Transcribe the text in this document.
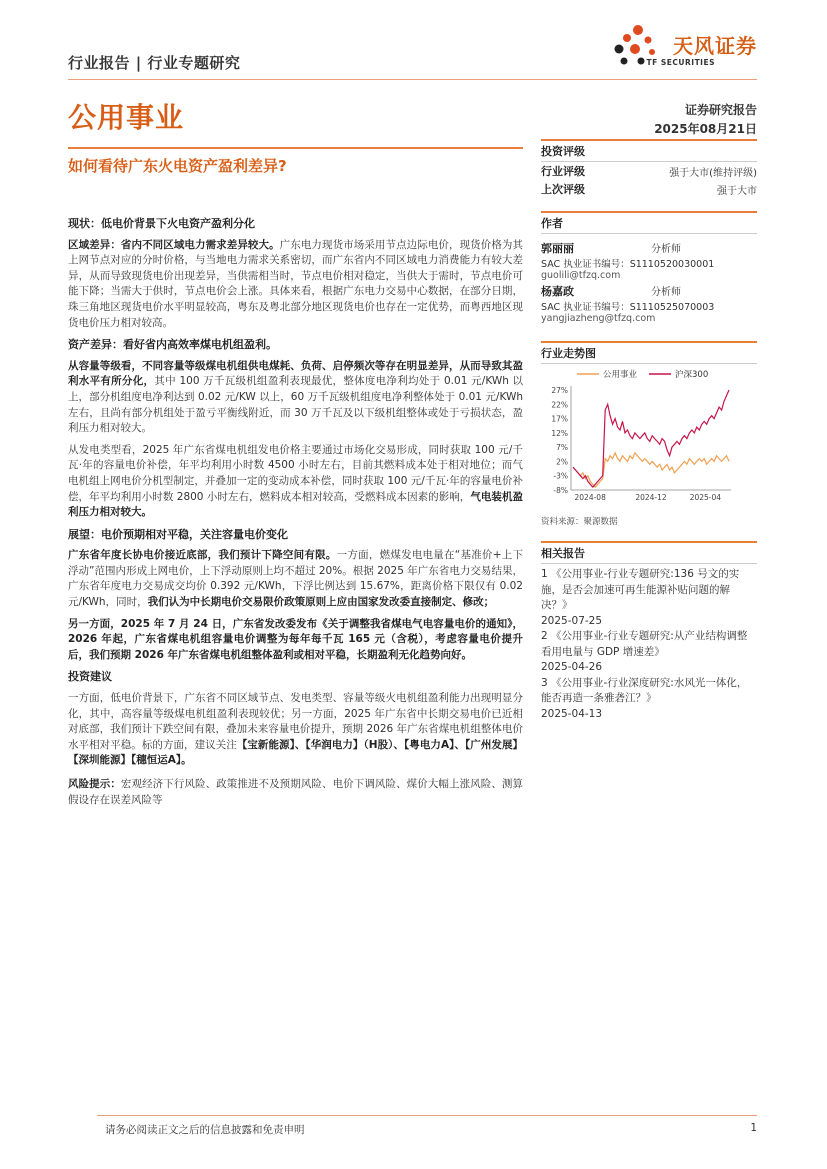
天风证券
TF SECURITIES
行业报告 | 行业专题研究
公用事业	证券研究报告
2025年08月21日
如何看待广东火电资产盈利差异?
现状：低电价背景下火电资产盈利分化

区域差异：省内不同区域电力需求差异较大。广东电力现货市场采用节点边际电价，现货价格为其上网节点对应的分时价格，与当地电力需求关系密切，而广东省内不同区域电力消费能力有较大差异，从而导致现货电价出现差异，当供需相当时，节点电价相对稳定，当供大于需时，节点电价可能下降；当需大于供时，节点电价会上涨。具体来看，根据广东电力交易中心数据，在部分日期，珠三角地区现货电价水平明显较高，粤东及粤北部分地区现货电价也存在一定优势，而粤西地区现货电价压力相对较高。

资产差异：看好省内高效率煤电机组盈利。

从容量等级看，不同容量等级煤电机组供电煤耗、负荷、启停频次等存在明显差异，从而导致其盈利水平有所分化，其中 100 万千瓦级机组盈利表现最优，整体度电净利均处于 0.01 元/KWh 以上，部分机组度电净利达到 0.02 元/KW 以上，60 万千瓦级机组度电净利整体处于 0.01 元/KWh 左右，且尚有部分机组处于盈亏平衡线附近，而 30 万千瓦及以下级机组整体或处于亏损状态，盈利压力相对较大。

从发电类型看，2025 年广东省煤电机组发电价格主要通过市场化交易形成，同时获取 100 元/千瓦·年的容量电价补偿，年平均利用小时数 4500 小时左右，目前其燃料成本处于相对地位；而气电机组上网电价分机型制定，并叠加一定的变动成本补偿，同时获取 100 元/千瓦·年的容量电价补偿，年平均利用小时数 2800 小时左右，燃料成本相对较高，受燃料成本因素的影响，气电装机盈利压力相对较大。

展望：电价预期相对平稳，关注容量电价变化

广东省年度长协电价接近底部，我们预计下降空间有限。一方面，燃煤发电电量在“基准价+上下浮动”范围内形成上网电价，上下浮动原则上均不超过 20%。根据 2025 年广东省电力交易结果，广东省年度电力交易成交均价 0.392 元/KWh，下浮比例达到 15.67%，距离价格下限仅有 0.02 元/KWh，同时，我们认为中长期电价交易限价政策原则上应由国家发改委直接制定、修改；

另一方面，2025 年 7 月 24 日，广东省发改委发布《关于调整我省煤电气电容量电价的通知》，2026 年起，广东省煤电机组容量电价调整为每年每千瓦 165 元（含税），考虑容量电价提升后，我们预期 2026 年广东省煤电机组整体盈利或相对平稳，长期盈利无化趋势向好。

投资建议

一方面，低电价背景下，广东省不同区域节点、发电类型、容量等级火电机组盈利能力出现明显分化，其中，高容量等级煤电机组盈利表现较优；另一方面，2025 年广东省中长期交易电价已近相对底部，我们预计下跌空间有限，叠加未来容量电价提升，预期 2026 年广东省煤电机组整体电价水平相对平稳。标的方面，建议关注【宝新能源】、【华润电力】（H股）、【粤电力A】、【广州发展】【深圳能源】【穗恒运A】。

风险提示：宏观经济下行风险、政策推进不及预期风险、电价下调风险、煤价大幅上涨风险、测算假设存在误差风险等

投资评级
行业评级	强于大市(维持评级)
上次评级	强于大市
作者
郭丽丽	分析师
SAC 执业证书编号：S1110520030001
guolili@tfzq.com
杨嘉政	分析师
SAC 执业证书编号：S1110525070003
yangjiazheng@tfzq.com
行业走势图
27%
22%
17%
12%
7%
2%
-3%
-8%
2024-08	2024-12	2025-04
公用事业	沪深300
资料来源：聚源数据
相关报告
1 《公用事业-行业专题研究:136 号文的实施，是否会加速可再生能源补贴问题的解决？》
2025-07-25
2 《公用事业-行业专题研究:从产业结构调整看用电量与 GDP 增速差》
2025-04-26
3 《公用事业-行业深度研究:水风光一体化，能否再造一条雅砻江？》
2025-04-13
请务必阅读正文之后的信息披露和免责申明	1
